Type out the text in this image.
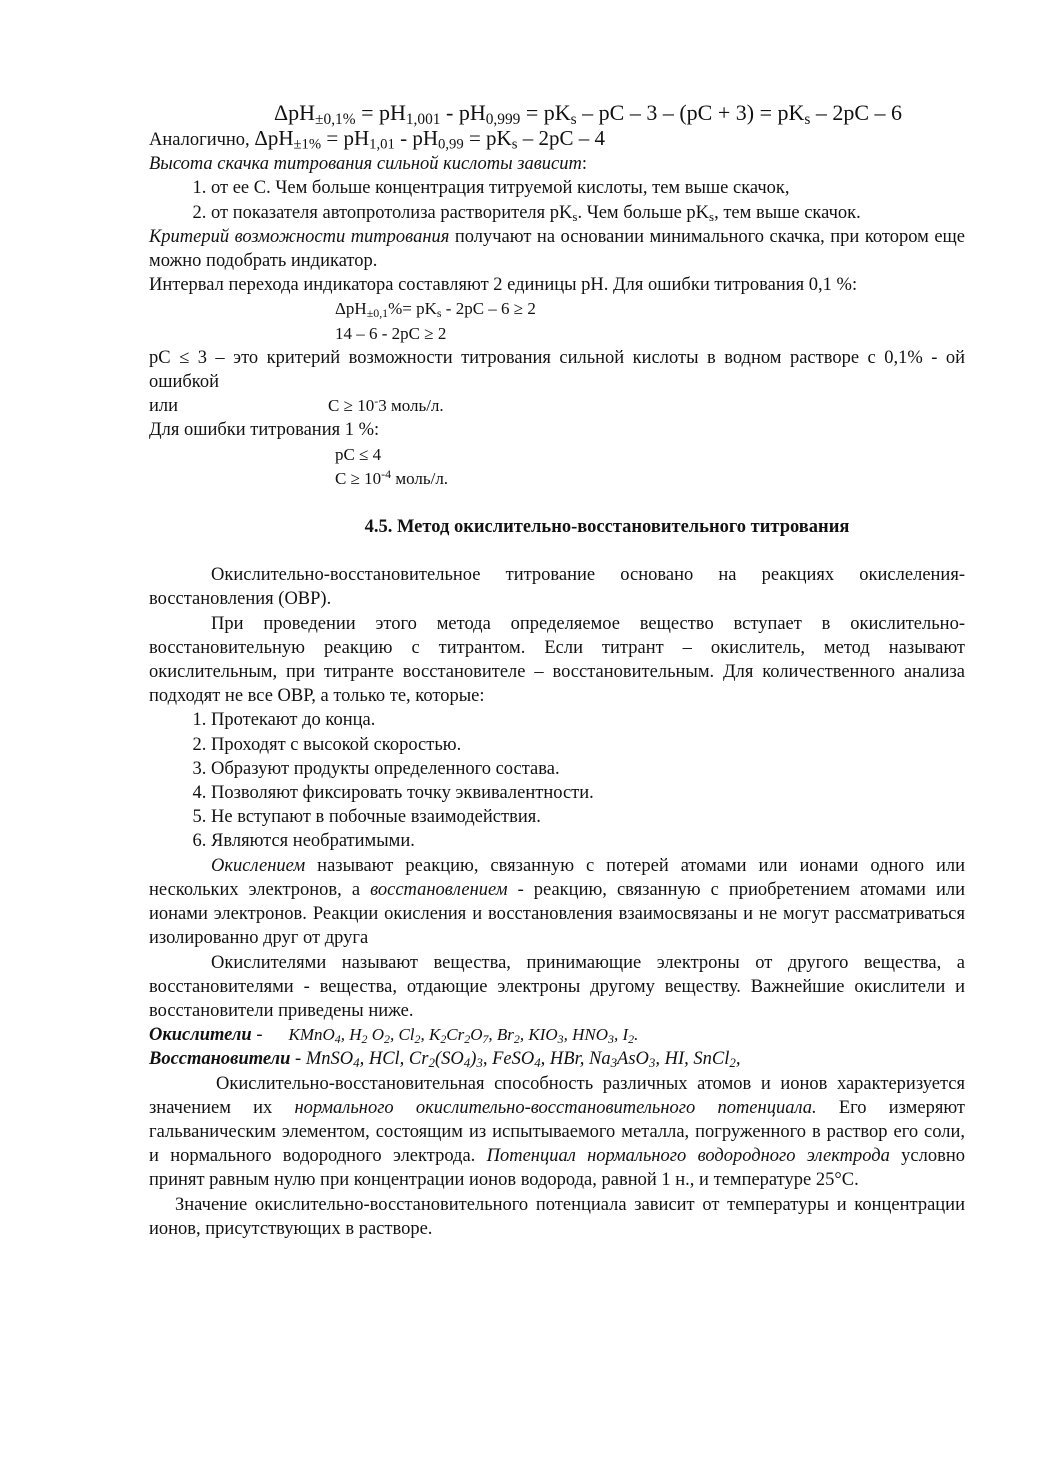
$\Delta pH_{\pm 0,1\%} = pH_{1,001} - pH_{0,999} = pK_s$ – pC – $3 - (pC + 3) = pK_s - 2pC - 6$
Аналогично, $\Delta pH_{\pm 1\%} = pH_{1,01} - pH_{0,99} = pK_s - 2pC - 4$
Высота скачка титрования сильной кислоты зависит:
1. от ее С. Чем больше концентрация титруемой кислоты, тем выше скачок,
2. от показателя автопротолиза растворителя $pK_s$. Чем больше $pK_s$, тем выше скачок.
Критерий возможности титрования получают на основании минимального скачка, при котором еще можно подобрать индикатор.
Интервал перехода индикатора составляют 2 единицы рН. Для ошибки титрования 0,1 %:
$\Delta pH_{\pm 0,1}\%= pK_s - 2pC - 6 \ge 2$
14 – 6 - 2pC ≥ 2
pC ≤ 3 – это критерий возможности титрования сильной кислоты в водном растворе с 0,1% - ой ошибкой
или	C ≥ 10-3 моль/л.
Для ошибки титрования 1 %:
pC ≤ 4
$C \ge 10^{-4}$ моль/л.
4.5. Метод окислительно-восстановительного титрования
Окислительно-восстановительное титрование основано на реакциях окислеления-восстановления (ОВР).
При проведении этого метода определяемое вещество вступает в окислительно-восстановительную реакцию с титрантом. Если титрант – окислитель, метод называют окислительным, при титранте восстановителе – восстановительным. Для количественного анализа подходят не все ОВР, а только те, которые:
1. Протекают до конца.
2. Проходят с высокой скоростью.
3. Образуют продукты определенного состава.
4. Позволяют фиксировать точку эквивалентности.
5. Не вступают в побочные взаимодействия.
6. Являются необратимыми.
Окислением называют реакцию, связанную с потерей атомами или ионами одного или нескольких электронов, а восстановлением - реакцию, связанную с приобретением атомами или ионами электронов. Реакции окисления и восстановления взаимосвязаны и не могут рассматриваться изолированно друг от друга
Окислителями называют вещества, принимающие электроны от другого вещества, а восстановителями - вещества, отдающие электроны другому веществу. Важнейшие окислители и восстановители приведены ниже.
Окислители - KMnO$_4$, $H_2$ $O_2$, $Cl_2$, $K_2Cr_2O_7$, $Br_2$, $KIO_3$, $HNO_3$, $I_2$.
Восстановители - MnSO$_4$, HCl, $Cr_2(SO_4)_3$, FeSO$_4$, HBr, $Na_3AsO_3$, HI, SnCl$_2$,
Окислительно-восстановительная способность различных атомов и ионов характеризуется значением их нормального окислительно-восстановительного потенциала. Его измеряют гальваническим элементом, состоящим из испытываемого металла, погруженного в раствор его соли, и нормального водородного электрода. Потенциал нормального водородного электрода условно принят равным нулю при концентрации ионов водорода, равной 1 н., и температуре 25°С.
Значение окислительно-восстановительного потенциала зависит от температуры и концентрации ионов, присутствующих в растворе.
